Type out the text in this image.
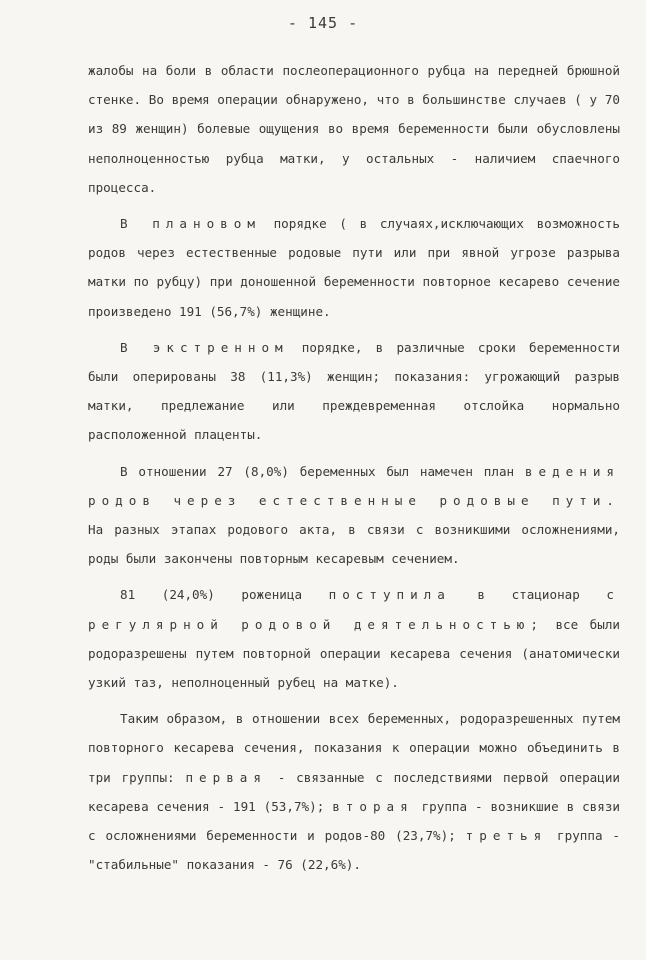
- 145 -

жалобы на боли в области послеоперационного рубца на передней брюшной стенке. Во время операции обнаружено, что в большинстве случаев ( у 70 из 89 женщин) болевые ощущения во время беременности были обусловлены неполноценностью рубца матки, у остальных - наличием спаечного процесса.

В плановом порядке ( в случаях,исключающих возможность родов через естественные родовые пути или при явной угрозе разрыва матки по рубцу) при доношенной беременности повторное кесарево сечение произведено 191 (56,7%) женщине.

В экстренном порядке, в различные сроки беременности были оперированы 38 (11,3%) женщин; показания: угрожающий разрыв матки, предлежание или преждевременная отслойка нормально расположенной плаценты.

В отношении 27 (8,0%) беременных был намечен план ведения родов через естественные родовые пути. На разных этапах родового акта, в связи с возникшими осложнениями, роды были закончены повторным кесаревым сечением.

81 (24,0%) роженица поступила в стационар с регулярной родовой деятельностью; все были родоразрешены путем повторной операции кесарева сечения (анатомически узкий таз, неполноценный рубец на матке).

Таким образом, в отношении всех беременных, родоразрешенных путем повторного кесарева сечения, показания к операции можно объединить в три группы: первая - связанные с последствиями первой операции кесарева сечения - 191 (53,7%); вторая группа - возникшие в связи с осложнениями беременности и родов-80 (23,7%); третья группа - "стабильные" показания - 76 (22,6%).
